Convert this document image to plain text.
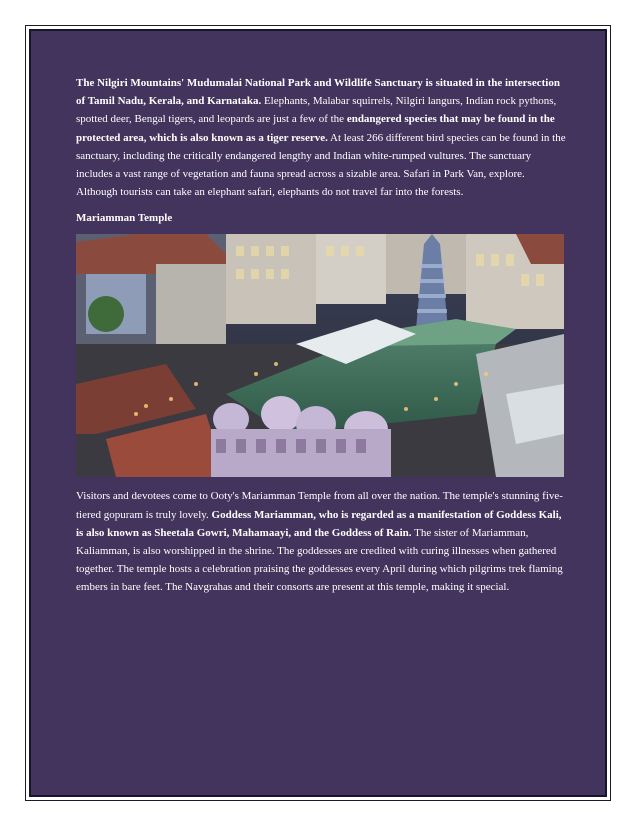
The Nilgiri Mountains' Mudumalai National Park and Wildlife Sanctuary is situated in the intersection of Tamil Nadu, Kerala, and Karnataka. Elephants, Malabar squirrels, Nilgiri langurs, Indian rock pythons, spotted deer, Bengal tigers, and leopards are just a few of the endangered species that may be found in the protected area, which is also known as a tiger reserve. At least 266 different bird species can be found in the sanctuary, including the critically endangered lengthy and Indian white-rumped vultures. The sanctuary includes a vast range of vegetation and fauna spread across a sizable area. Safari in Park Van, explore. Although tourists can take an elephant safari, elephants do not travel far into the forests.

Mariamman Temple

Visitors and devotees come to Ooty's Mariamman Temple from all over the nation. The temple's stunning five-tiered gopuram is truly lovely. Goddess Mariamman, who is regarded as a manifestation of Goddess Kali, is also known as Sheetala Gowri, Mahamaayi, and the Goddess of Rain. The sister of Mariamman, Kaliamman, is also worshipped in the shrine. The goddesses are credited with curing illnesses when gathered together. The temple hosts a celebration praising the goddesses every April during which pilgrims trek flaming embers in bare feet. The Navgrahas and their consorts are present at this temple, making it special.
